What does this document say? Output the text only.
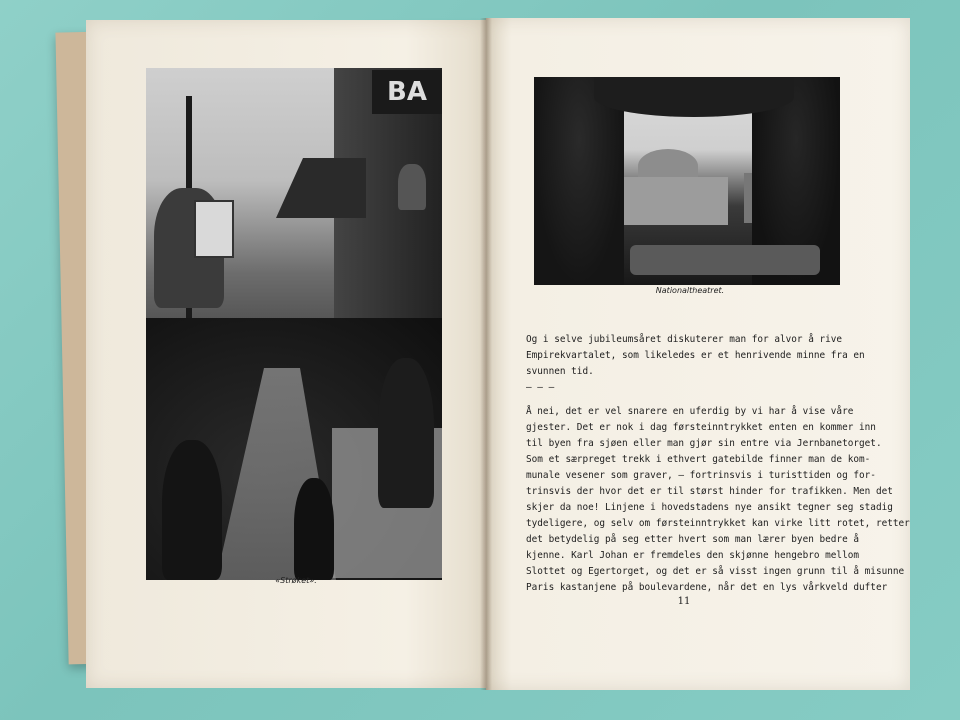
BA
«Strøket».
Nationaltheatret.
Og i selve jubileumsåret diskuterer man for alvor å rive
Empirekvartalet, som likeledes er et henrivende minne fra en
svunnen tid.
— — —
Å nei, det er vel snarere en uferdig by vi har å vise våre
gjester. Det er nok i dag førsteinntrykket enten en kommer inn
til byen fra sjøen eller man gjør sin entre via Jernbanetorget.
Som et særpreget trekk i ethvert gatebilde finner man de kom-
munale vesener som graver, — fortrinsvis i turisttiden og for-
trinsvis der hvor det er til størst hinder for trafikken. Men det
skjer da noe! Linjene i hovedstadens nye ansikt tegner seg stadig
tydeligere, og selv om førsteinntrykket kan virke litt rotet, retter
det betydelig på seg etter hvert som man lærer byen bedre å
kjenne. Karl Johan er fremdeles den skjønne hengebro mellom
Slottet og Egertorget, og det er så visst ingen grunn til å misunne
Paris kastanjene på boulevardene, når det en lys vårkveld dufter
11
